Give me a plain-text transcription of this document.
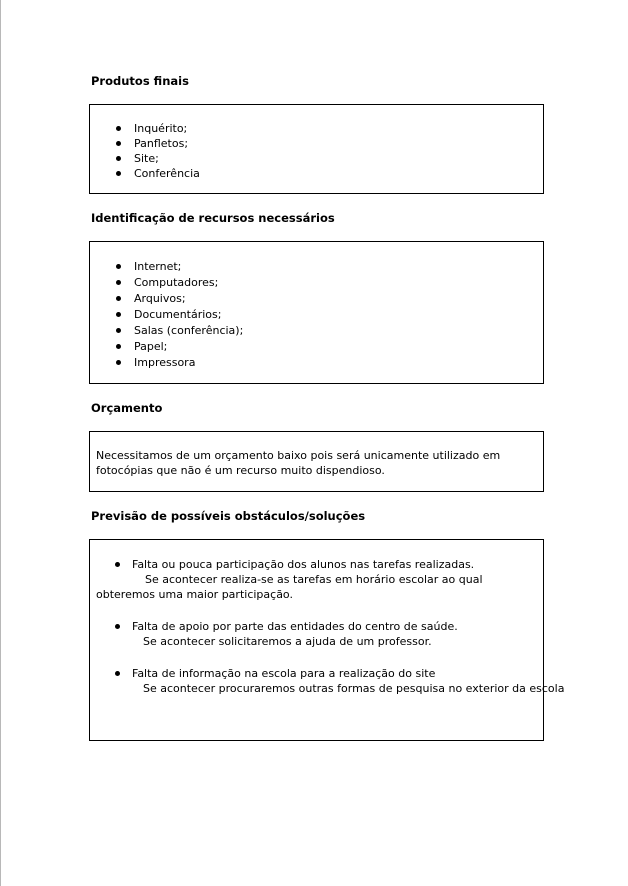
Produtos finais
Inquérito;
Panfletos;
Site;
Conferência
Identificação de recursos necessários
Internet;
Computadores;
Arquivos;
Documentários;
Salas (conferência);
Papel;
Impressora
Orçamento
Necessitamos de um orçamento baixo pois será unicamente utilizado em fotocópias que não é um recurso muito dispendioso.
Previsão de possíveis obstáculos/soluções
Falta ou pouca participação dos alunos nas tarefas realizadas.
Se acontecer realiza-se as tarefas em horário escolar ao qual obteremos uma maior participação.
Falta de apoio por parte das entidades do centro de saúde.
Se acontecer solicitaremos a ajuda de um professor.
Falta de informação na escola para a realização do site
Se acontecer procuraremos outras formas de pesquisa no exterior da escola
